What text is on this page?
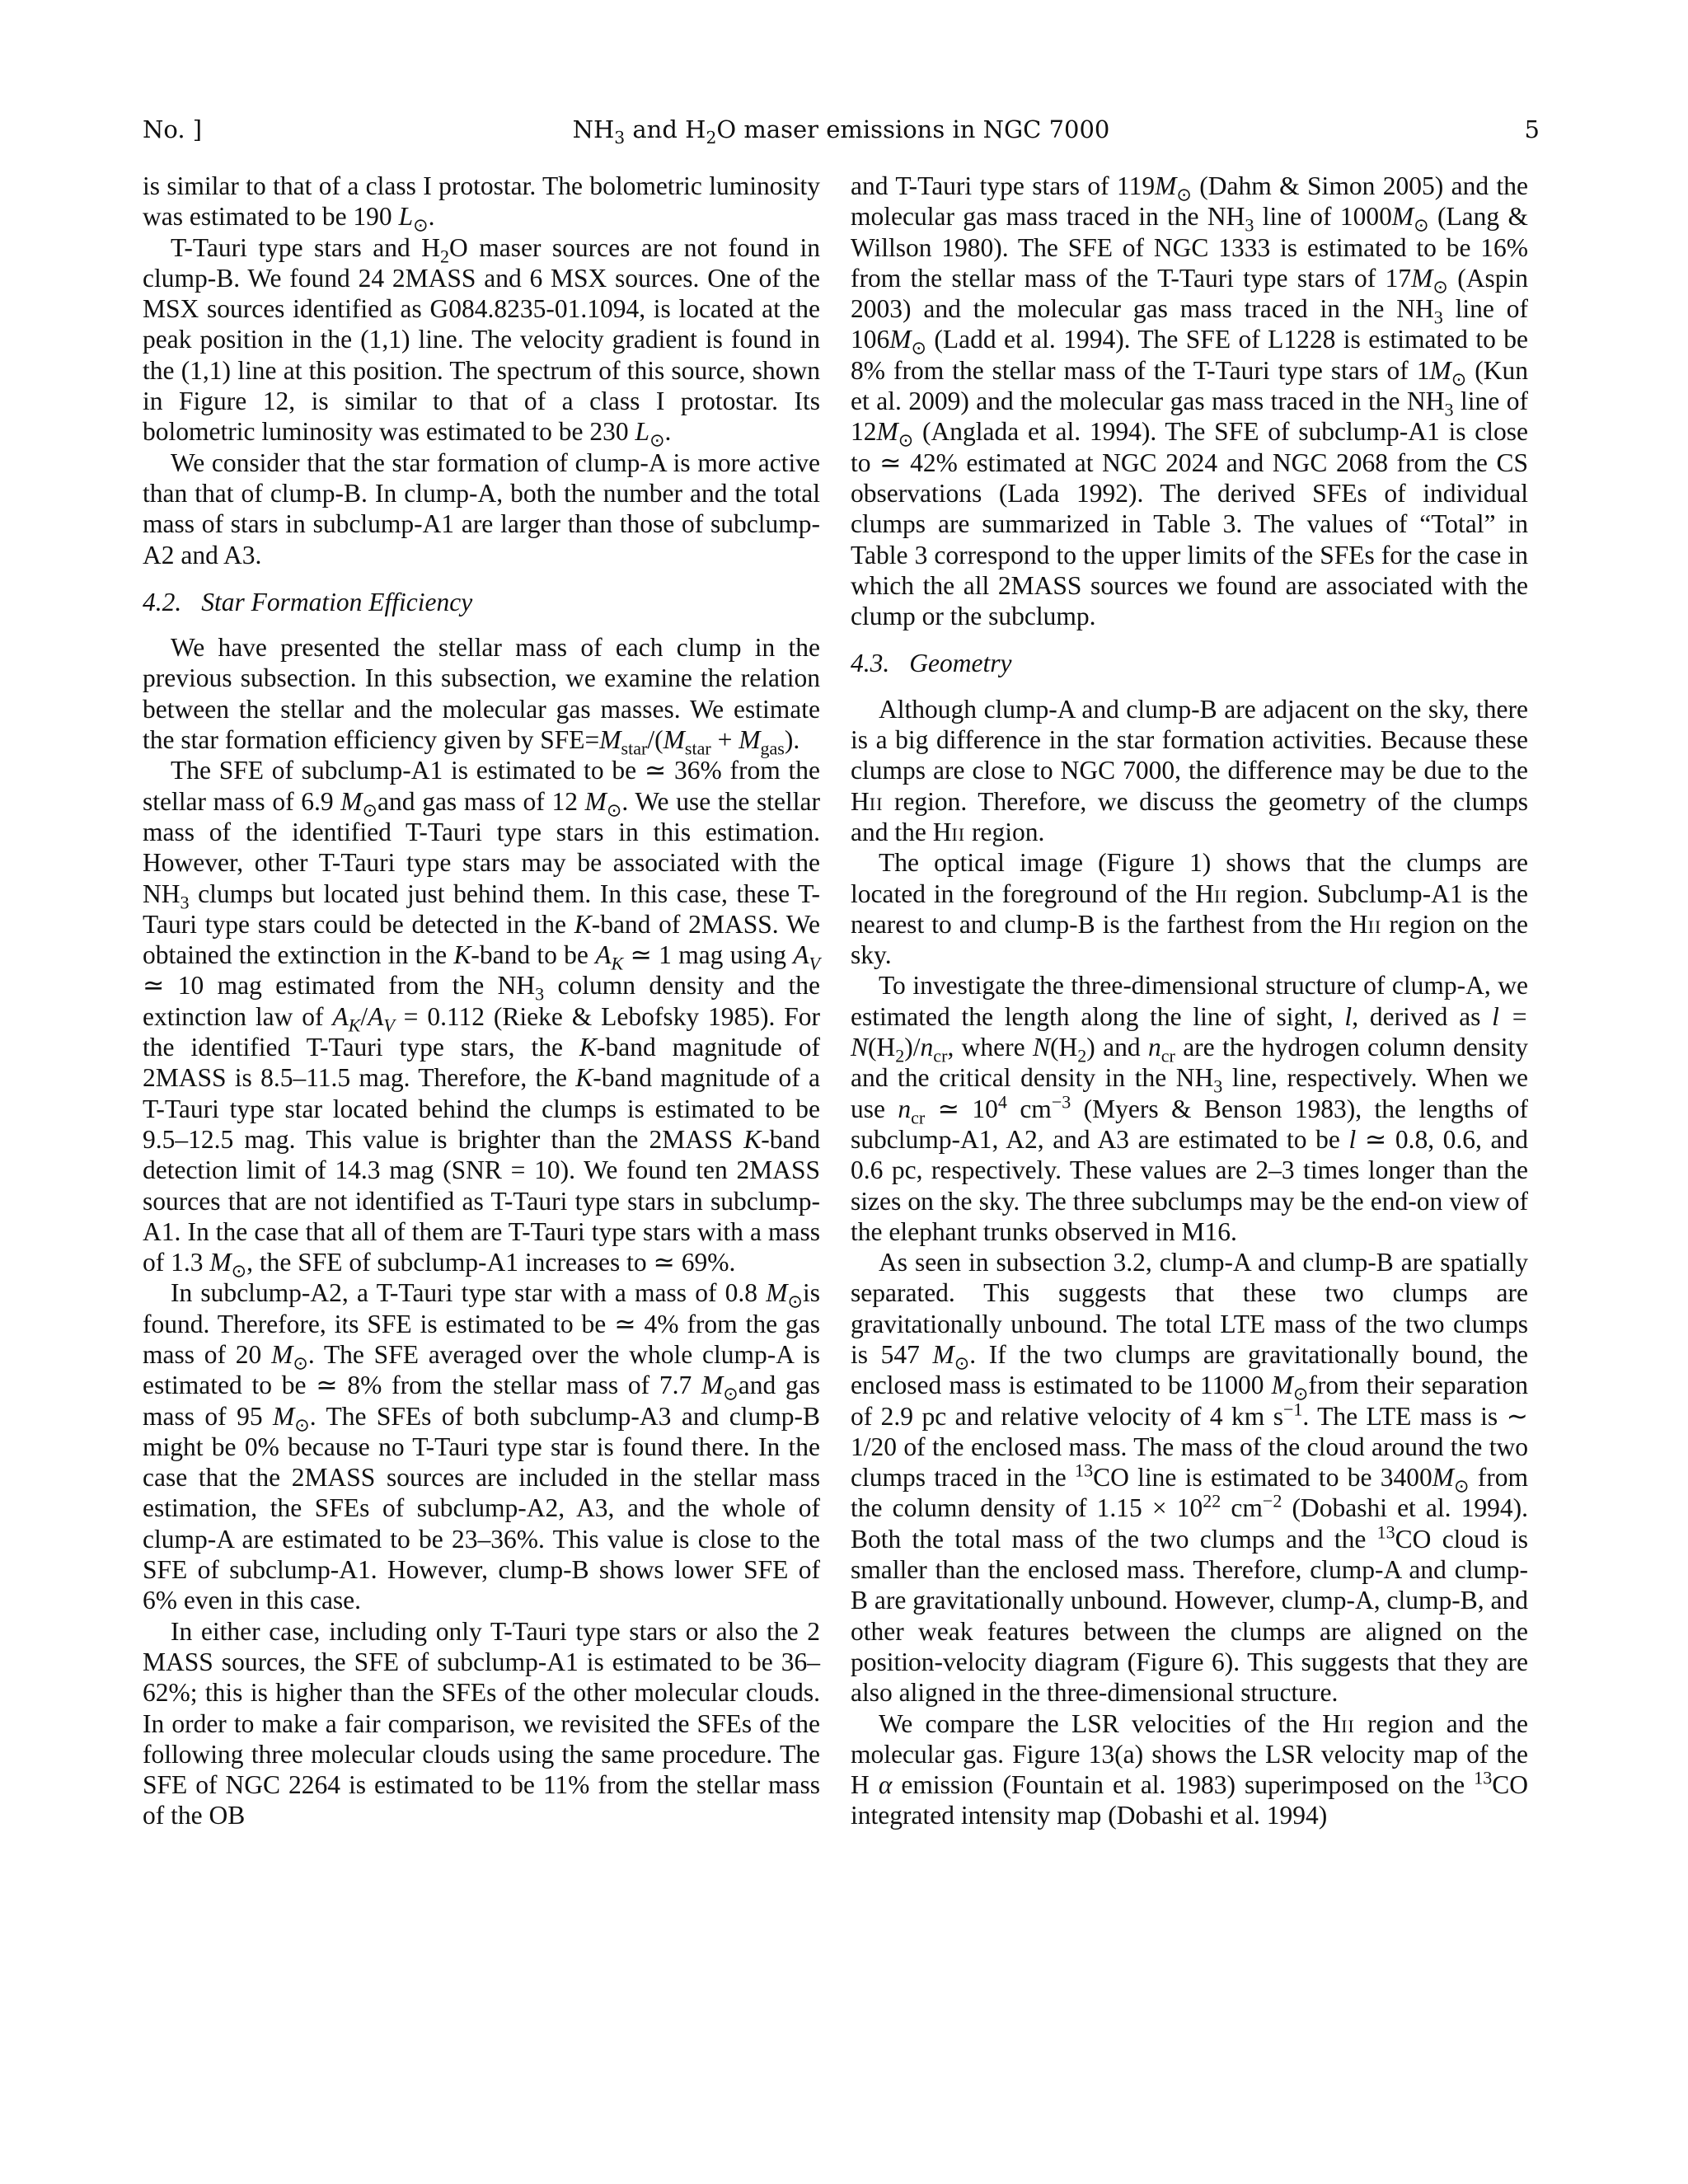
No. ]	$NH_3$ and $H_2O$ maser emissions in NGC 7000	5

is similar to that of a class I protostar. The bolometric luminosity was estimated to be 190 $L_⊙$.

T-Tauri type stars and $H_2O$ maser sources are not found in clump-B. We found 24 2MASS and 6 MSX sources. One of the MSX sources identified as G084.8235-01.1094, is located at the peak position in the (1,1) line. The velocity gradient is found in the (1,1) line at this position. The spectrum of this source, shown in Figure 12, is similar to that of a class I protostar. Its bolometric luminosity was estimated to be 230 $L_⊙$.

We consider that the star formation of clump-A is more active than that of clump-B. In clump-A, both the number and the total mass of stars in subclump-A1 are larger than those of subclump-A2 and A3.

4.2. Star Formation Efficiency

We have presented the stellar mass of each clump in the previous subsection. In this subsection, we examine the relation between the stellar and the molecular gas masses. We estimate the star formation efficiency given by $SFE=M_{star}/(M_{star} + M_{gas})$.

The SFE of subclump-A1 is estimated to be ≃ 36% from the stellar mass of 6.9 $M_⊙and$ gas mass of 12 $M_⊙$. We use the stellar mass of the identified T-Tauri type stars in this estimation. However, other T-Tauri type stars may be associated with the $NH_3$ clumps but located just behind them. In this case, these T-Tauri type stars could be detected in the K-band of 2MASS. We obtained the extinction in the K-band to be $A_K$ ≃ 1 mag using $A_V$ ≃ 10 mag estimated from the $NH_3$ column density and the extinction law of $A_K/A_V = 0.112$ (Rieke & Lebofsky 1985). For the identified T-Tauri type stars, the K-band magnitude of 2MASS is 8.5–11.5 mag. Therefore, the K-band magnitude of a T-Tauri type star located behind the clumps is estimated to be 9.5–12.5 mag. This value is brighter than the 2MASS K-band detection limit of 14.3 mag (SNR = 10). We found ten 2MASS sources that are not identified as T-Tauri type stars in subclump-A1. In the case that all of them are T-Tauri type stars with a mass of 1.3 $M_⊙$, the SFE of subclump-A1 increases to ≃ 69%.

In subclump-A2, a T-Tauri type star with a mass of 0.8 $M_⊙is$ found. Therefore, its SFE is estimated to be ≃ 4% from the gas mass of 20 $M_⊙$. The SFE averaged over the whole clump-A is estimated to be ≃ 8% from the stellar mass of 7.7 $M_⊙and$ gas mass of 95 $M_⊙$. The SFEs of both subclump-A3 and clump-B might be 0% because no T-Tauri type star is found there. In the case that the 2MASS sources are included in the stellar mass estimation, the SFEs of subclump-A2, A3, and the whole of clump-A are estimated to be 23–36%. This value is close to the SFE of subclump-A1. However, clump-B shows lower SFE of 6% even in this case.

In either case, including only T-Tauri type stars or also the 2 MASS sources, the SFE of subclump-A1 is estimated to be 36–62%; this is higher than the SFEs of the other molecular clouds. In order to make a fair comparison, we revisited the SFEs of the following three molecular clouds using the same procedure. The SFE of NGC 2264 is estimated to be 11% from the stellar mass of the OB

and T-Tauri type stars of $119M_⊙$ (Dahm & Simon 2005) and the molecular gas mass traced in the $NH_3$ line of $1000M_⊙$ (Lang & Willson 1980). The SFE of NGC 1333 is estimated to be 16% from the stellar mass of the T-Tauri type stars of $17M_⊙$ (Aspin 2003) and the molecular gas mass traced in the $NH_3$ line of $106M_⊙$ (Ladd et al. 1994). The SFE of L1228 is estimated to be 8% from the stellar mass of the T-Tauri type stars of $1M_⊙$ (Kun et al. 2009) and the molecular gas mass traced in the $NH_3$ line of $12M_⊙$ (Anglada et al. 1994). The SFE of subclump-A1 is close to ≃ 42% estimated at NGC 2024 and NGC 2068 from the CS observations (Lada 1992). The derived SFEs of individual clumps are summarized in Table 3. The values of “Total” in Table 3 correspond to the upper limits of the SFEs for the case in which the all 2MASS sources we found are associated with the clump or the subclump.

4.3. Geometry

Although clump-A and clump-B are adjacent on the sky, there is a big difference in the star formation activities. Because these clumps are close to NGC 7000, the difference may be due to the Hii region. Therefore, we discuss the geometry of the clumps and the Hii region.

The optical image (Figure 1) shows that the clumps are located in the foreground of the Hii region. Subclump-A1 is the nearest to and clump-B is the farthest from the Hii region on the sky.

To investigate the three-dimensional structure of clump-A, we estimated the length along the line of sight, l, derived as $l = N(H_2)/n_{cr}$, where $N(H_2)$ and $n_{cr}$ are the hydrogen column density and the critical density in the $NH_3$ line, respectively. When we use $n_{cr}$ ≃ $10^4$ $cm^{-3}$ (Myers & Benson 1983), the lengths of subclump-A1, A2, and A3 are estimated to be l ≃ 0.8, 0.6, and 0.6 pc, respectively. These values are 2–3 times longer than the sizes on the sky. The three subclumps may be the end-on view of the elephant trunks observed in M16.

As seen in subsection 3.2, clump-A and clump-B are spatially separated. This suggests that these two clumps are gravitationally unbound. The total LTE mass of the two clumps is 547 $M_⊙$. If the two clumps are gravitationally bound, the enclosed mass is estimated to be 11000 $M_⊙from$ their separation of 2.9 pc and relative velocity of 4 km $s^{-1}$. The LTE mass is ∼ 1/20 of the enclosed mass. The mass of the cloud around the two clumps traced in the $^{13}$CO line is estimated to be $3400M_⊙$ from the column density of $1.15 \times 10^{22}$ $cm^{-2}$ (Dobashi et al. 1994). Both the total mass of the two clumps and the $^{13}$CO cloud is smaller than the enclosed mass. Therefore, clump-A and clump-B are gravitationally unbound. However, clump-A, clump-B, and other weak features between the clumps are aligned on the position-velocity diagram (Figure 6). This suggests that they are also aligned in the three-dimensional structure.

We compare the LSR velocities of the Hii region and the molecular gas. Figure 13(a) shows the LSR velocity map of the H α emission (Fountain et al. 1983) superimposed on the $^{13}$CO integrated intensity map (Dobashi et al. 1994)
